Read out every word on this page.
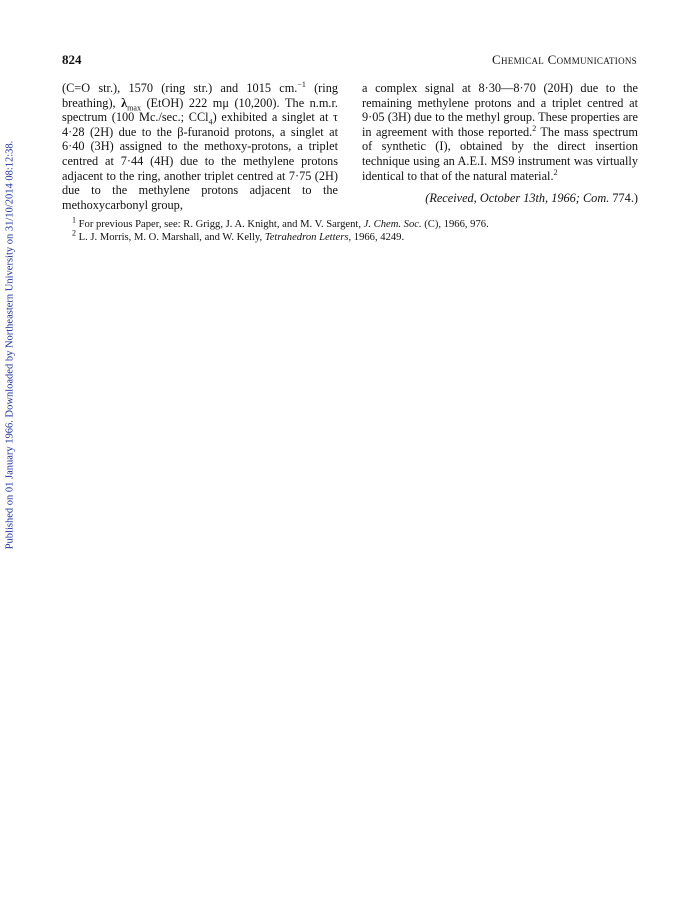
Published on 01 January 1966. Downloaded by Northeastern University on 31/10/2014 08:12:38.
824	Chemical Communications

(C=O str.), 1570 (ring str.) and 1015 cm.$^{-1}$ (ring breathing), $\lambda_{max}$ (EtOH) 222 mμ (10,200). The n.m.r. spectrum (100 Mc./sec.; CCl$_4$) exhibited a singlet at τ 4·28 (2H) due to the β-furanoid protons, a singlet at 6·40 (3H) assigned to the methoxy-protons, a triplet centred at 7·44 (4H) due to the methylene protons adjacent to the ring, another triplet centred at 7·75 (2H) due to the methylene protons adjacent to the methoxycarbonyl group,

a complex signal at 8·30—8·70 (20H) due to the remaining methylene protons and a triplet centred at 9·05 (3H) due to the methyl group. These properties are in agreement with those reported.$^2$ The mass spectrum of synthetic (I), obtained by the direct insertion technique using an A.E.I. MS9 instrument was virtually identical to that of the natural material.$^2$

(Received, October 13th, 1966; Com. 774.)

$^1$ For previous Paper, see: R. Grigg, J. A. Knight, and M. V. Sargent, J. Chem. Soc. (C), 1966, 976.

$^2$ L. J. Morris, M. O. Marshall, and W. Kelly, Tetrahedron Letters, 1966, 4249.
